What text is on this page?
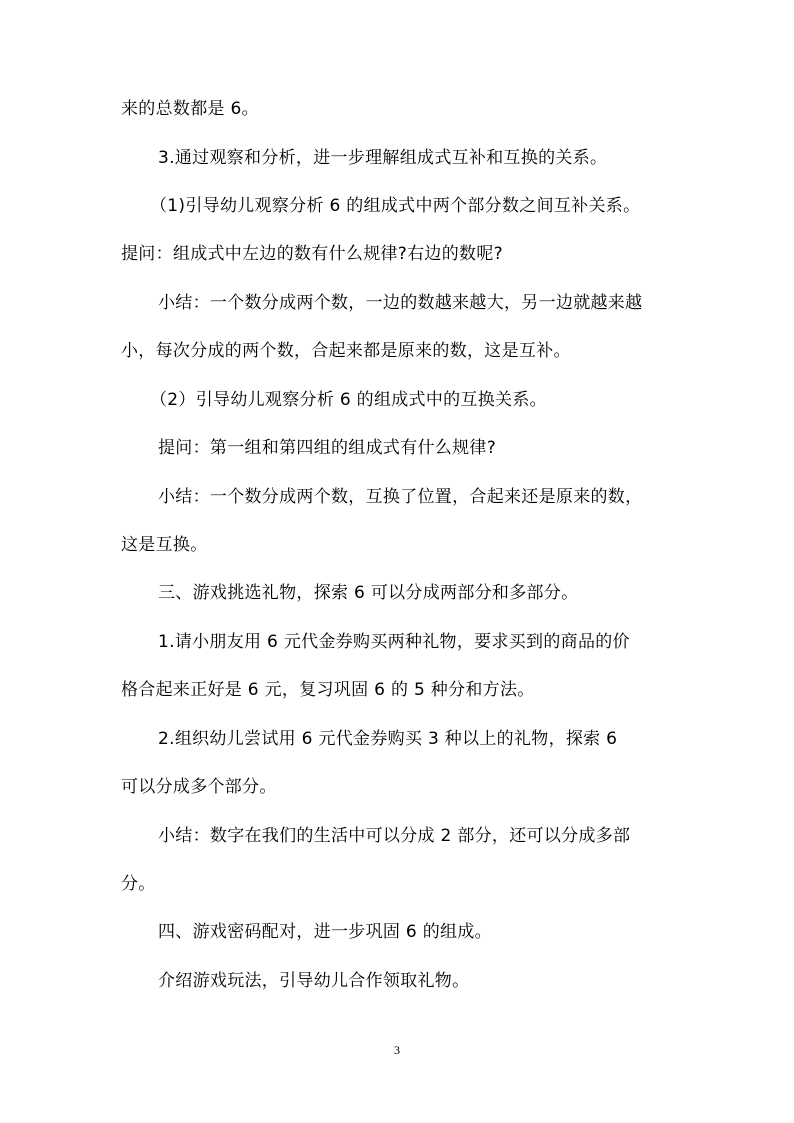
来的总数都是 6。
3.通过观察和分析，进一步理解组成式互补和互换的关系。
（1)引导幼儿观察分析 6 的组成式中两个部分数之间互补关系。
提问：组成式中左边的数有什么规律?右边的数呢?
小结：一个数分成两个数，一边的数越来越大，另一边就越来越
小，每次分成的两个数，合起来都是原来的数，这是互补。
（2）引导幼儿观察分析 6 的组成式中的互换关系。
提问：第一组和第四组的组成式有什么规律?
小结：一个数分成两个数，互换了位置，合起来还是原来的数，
这是互换。
三、游戏挑选礼物，探索 6 可以分成两部分和多部分。
1.请小朋友用 6 元代金券购买两种礼物，要求买到的商品的价
格合起来正好是 6 元，复习巩固 6 的 5 种分和方法。
2.组织幼儿尝试用 6 元代金券购买 3 种以上的礼物，探索 6
可以分成多个部分。
小结：数字在我们的生活中可以分成 2 部分，还可以分成多部
分。
四、游戏密码配对，进一步巩固 6 的组成。
介绍游戏玩法，引导幼儿合作领取礼物。
3
